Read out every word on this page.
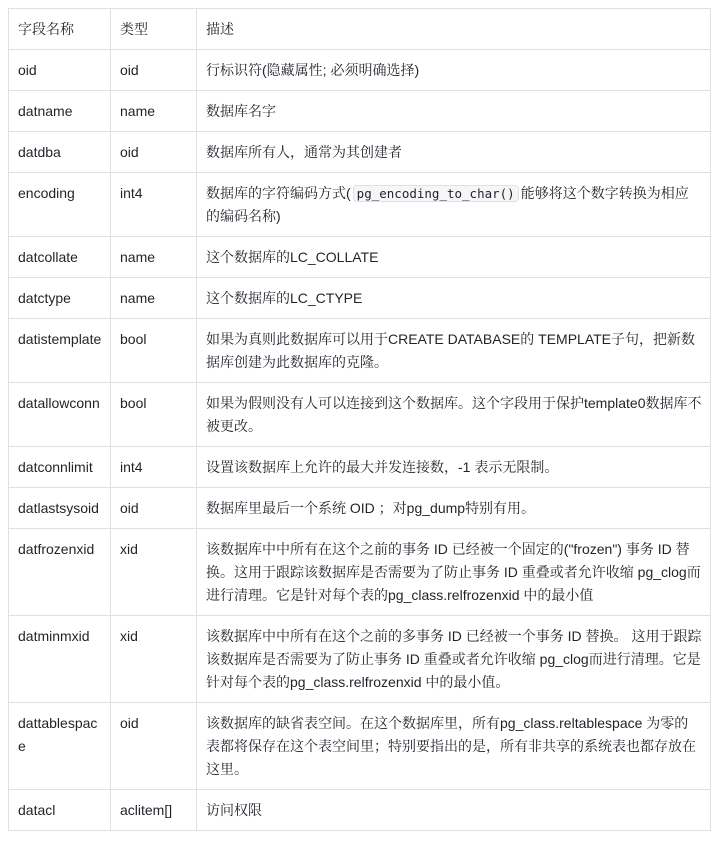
字段名称	类型	描述
oid	oid	行标识符(隐藏属性; 必须明确选择)
datname	name	数据库名字
datdba	oid	数据库所有人，通常为其创建者
encoding	int4	数据库的字符编码方式( pg_encoding_to_char() 能够将这个数字转换为相应的编码名称)
datcollate	name	这个数据库的LC_COLLATE
datctype	name	这个数据库的LC_CTYPE
datistemplate	bool	如果为真则此数据库可以用于CREATE DATABASE的 TEMPLATE子句，把新数据库创建为此数据库的克隆。
datallowconn	bool	如果为假则没有人可以连接到这个数据库。这个字段用于保护template0数据库不被更改。
datconnlimit	int4	设置该数据库上允许的最大并发连接数，-1 表示无限制。
datlastsysoid	oid	数据库里最后一个系统 OID ；对pg_dump特别有用。
datfrozenxid	xid	该数据库中中所有在这个之前的事务 ID 已经被一个固定的("frozen") 事务 ID 替换。这用于跟踪该数据库是否需要为了防止事务 ID 重叠或者允许收缩 pg_clog而进行清理。它是针对每个表的pg_class.relfrozenxid 中的最小值
datminmxid	xid	该数据库中中所有在这个之前的多事务 ID 已经被一个事务 ID 替换。 这用于跟踪该数据库是否需要为了防止事务 ID 重叠或者允许收缩 pg_clog而进行清理。它是针对每个表的pg_class.relfrozenxid 中的最小值。
dattablespace	oid	该数据库的缺省表空间。在这个数据库里，所有pg_class.reltablespace 为零的表都将保存在这个表空间里；特别要指出的是，所有非共享的系统表也都存放在这里。
datacl	aclitem[]	访问权限
